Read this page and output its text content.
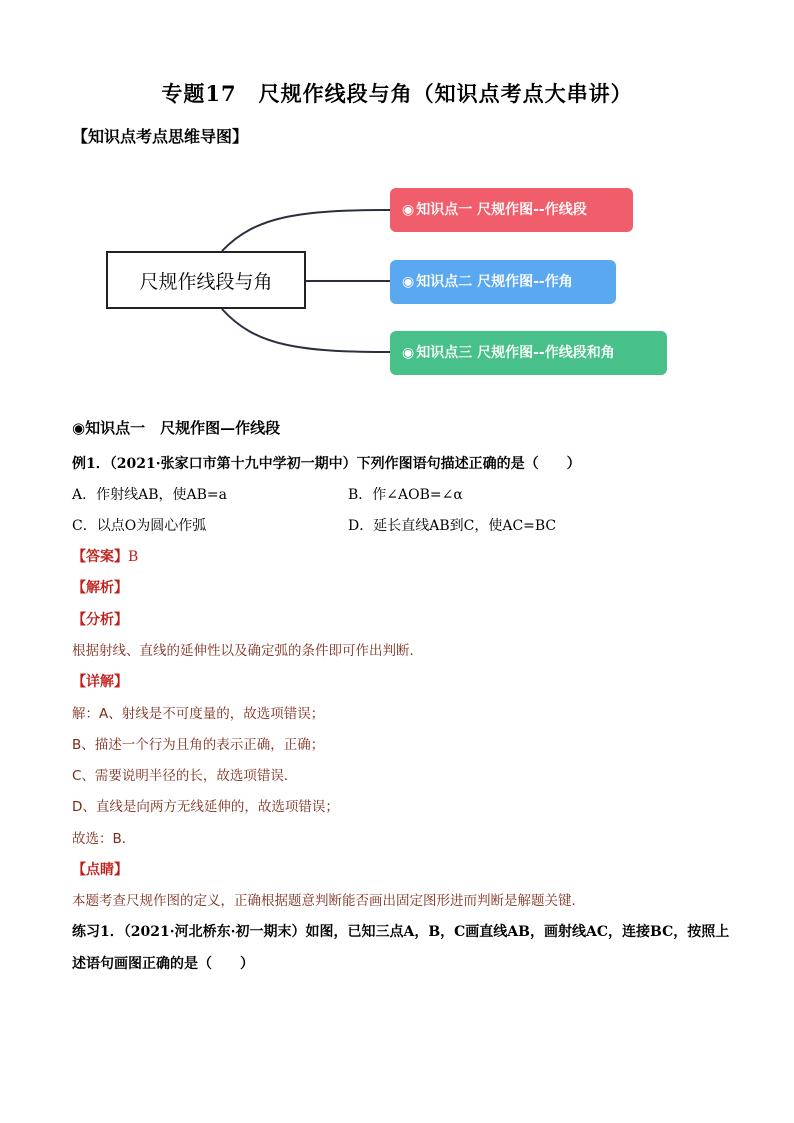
专题17　尺规作线段与角（知识点考点大串讲）
【知识点考点思维导图】
尺规作线段与角
◉ 知识点一 尺规作图--作线段
◉ 知识点二 尺规作图--作角
◉ 知识点三 尺规作图--作线段和角
◉知识点一　尺规作图—作线段
例1．（2021·张家口市第十九中学初一期中）下列作图语句描述正确的是（　　）
A．作射线AB，使AB=a	B．作∠AOB=∠α
C．以点O为圆心作弧	D．延长直线AB到C，使AC=BC
【答案】B
【解析】
【分析】
根据射线、直线的延伸性以及确定弧的条件即可作出判断．
【详解】
解：A、射线是不可度量的，故选项错误；
B、描述一个行为且角的表示正确，正确；
C、需要说明半径的长，故选项错误．
D、直线是向两方无线延伸的，故选项错误；
故选：B．
【点睛】
本题考查尺规作图的定义，正确根据题意判断能否画出固定图形进而判断是解题关键．
练习1．（2021·河北桥东·初一期末）如图，已知三点A，B，C画直线AB，画射线AC，连接BC，按照上
述语句画图正确的是（　　）
